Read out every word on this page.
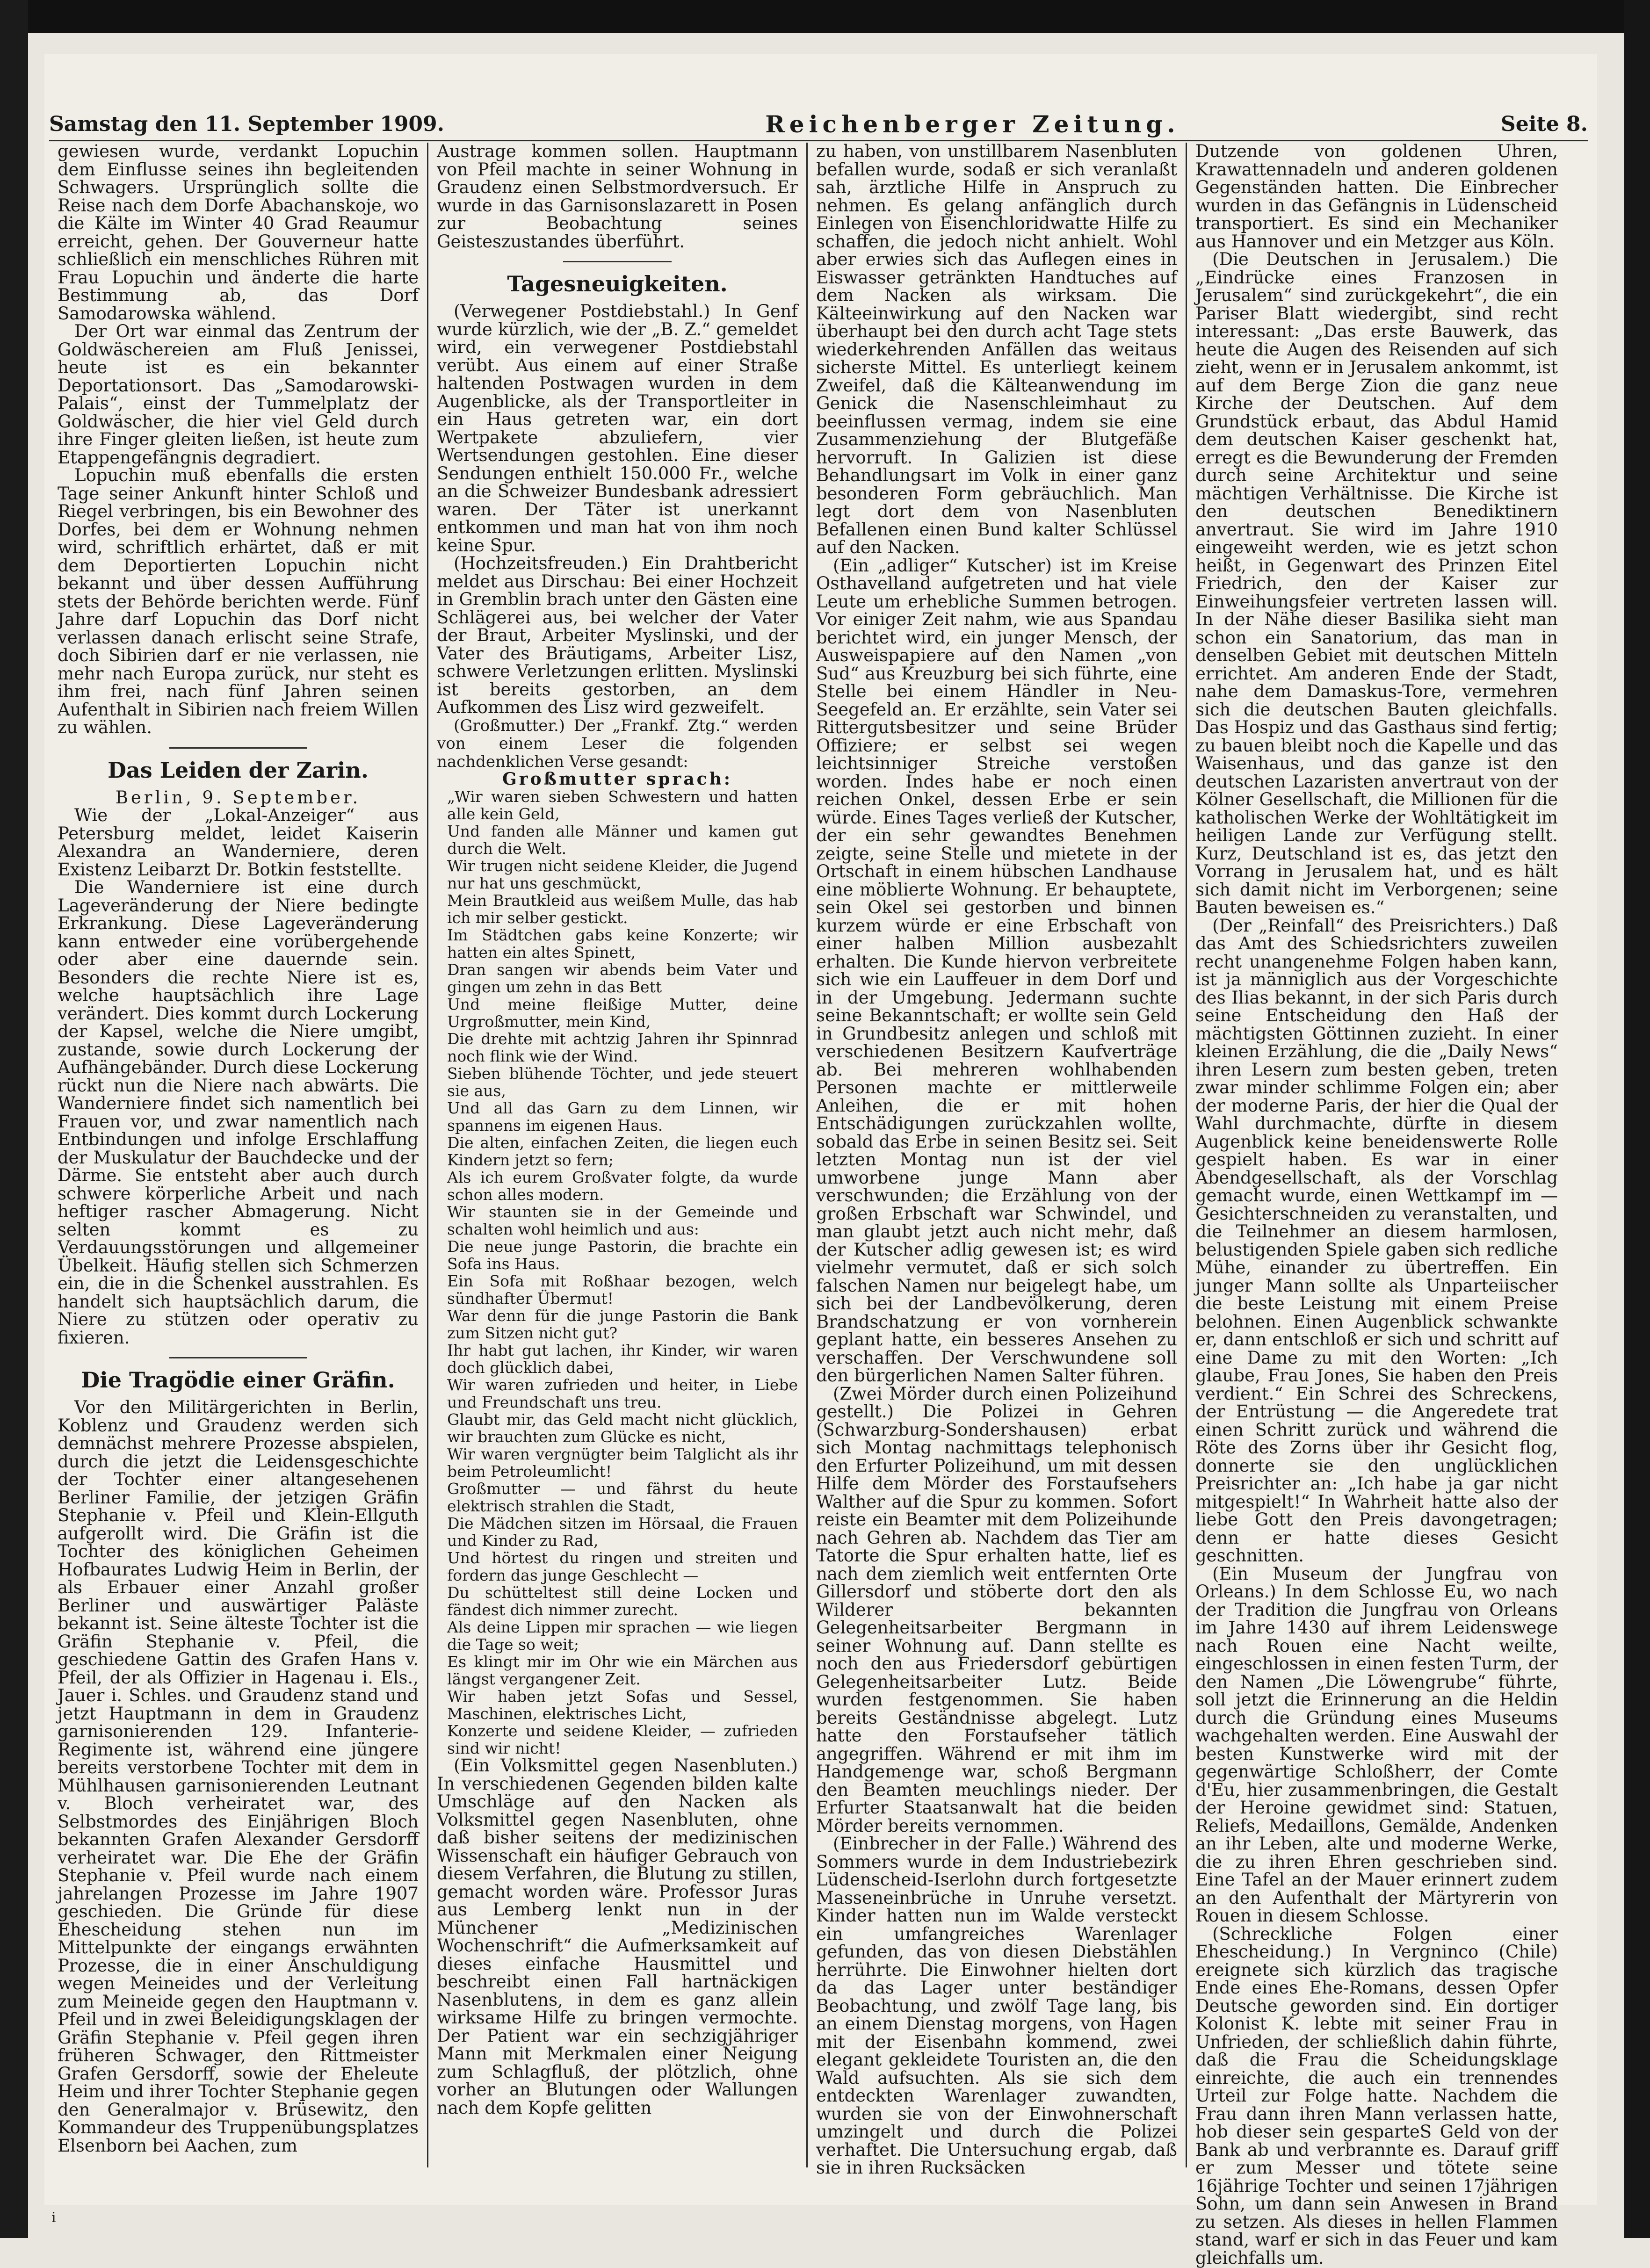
Samstag den 11. September 1909.	Reichenberger Zeitung.	Seite 8.

gewiesen wurde, verdankt Lopuchin dem Einflusse seines ihn begleitenden Schwagers. Ursprünglich sollte die Reise nach dem Dorfe Abachanskoje, wo die Kälte im Winter 40 Grad Reaumur erreicht, gehen. Der Gouverneur hatte schließlich ein menschliches Rühren mit Frau Lopuchin und änderte die harte Bestimmung ab, das Dorf Samodarowska wählend.

Der Ort war einmal das Zentrum der Goldwäschereien am Fluß Jenissei, heute ist es ein bekannter Deportationsort. Das „Samodarowski-Palais“, einst der Tummelplatz der Goldwäscher, die hier viel Geld durch ihre Finger gleiten ließen, ist heute zum Etappengefängnis degradiert.

Lopuchin muß ebenfalls die ersten Tage seiner Ankunft hinter Schloß und Riegel verbringen, bis ein Bewohner des Dorfes, bei dem er Wohnung nehmen wird, schriftlich erhärtet, daß er mit dem Deportierten Lopuchin nicht bekannt und über dessen Aufführung stets der Behörde berichten werde. Fünf Jahre darf Lopuchin das Dorf nicht verlassen danach erlischt seine Strafe, doch Sibirien darf er nie verlassen, nie mehr nach Europa zurück, nur steht es ihm frei, nach fünf Jahren seinen Aufenthalt in Sibirien nach freiem Willen zu wählen.

Das Leiden der Zarin.

Berlin, 9. September.

Wie der „Lokal-Anzeiger“ aus Petersburg meldet, leidet Kaiserin Alexandra an Wanderniere, deren Existenz Leibarzt Dr. Botkin feststellte.

Die Wanderniere ist eine durch Lageveränderung der Niere bedingte Erkrankung. Diese Lageveränderung kann entweder eine vorübergehende oder aber eine dauernde sein. Besonders die rechte Niere ist es, welche hauptsächlich ihre Lage verändert. Dies kommt durch Lockerung der Kapsel, welche die Niere umgibt, zustande, sowie durch Lockerung der Aufhängebänder. Durch diese Lockerung rückt nun die Niere nach abwärts. Die Wanderniere findet sich namentlich bei Frauen vor, und zwar namentlich nach Entbindungen und infolge Erschlaffung der Muskulatur der Bauchdecke und der Därme. Sie entsteht aber auch durch schwere körperliche Arbeit und nach heftiger rascher Abmagerung. Nicht selten kommt es zu Verdauungsstörungen und allgemeiner Übelkeit. Häufig stellen sich Schmerzen ein, die in die Schenkel ausstrahlen. Es handelt sich hauptsächlich darum, die Niere zu stützen oder operativ zu fixieren.

Die Tragödie einer Gräfin.

Vor den Militärgerichten in Berlin, Koblenz und Graudenz werden sich demnächst mehrere Prozesse abspielen, durch die jetzt die Leidensgeschichte der Tochter einer altangesehenen Berliner Familie, der jetzigen Gräfin Stephanie v. Pfeil und Klein-Ellguth aufgerollt wird. Die Gräfin ist die Tochter des königlichen Geheimen Hofbaurates Ludwig Heim in Berlin, der als Erbauer einer Anzahl großer Berliner und auswärtiger Paläste bekannt ist. Seine älteste Tochter ist die Gräfin Stephanie v. Pfeil, die geschiedene Gattin des Grafen Hans v. Pfeil, der als Offizier in Hagenau i. Els., Jauer i. Schles. und Graudenz stand und jetzt Hauptmann in dem in Graudenz garnisonierenden 129. Infanterie-Regimente ist, während eine jüngere bereits verstorbene Tochter mit dem in Mühlhausen garnisonierenden Leutnant v. Bloch verheiratet war, des Selbstmordes des Einjährigen Bloch bekannten Grafen Alexander Gersdorff verheiratet war. Die Ehe der Gräfin Stephanie v. Pfeil wurde nach einem jahrelangen Prozesse im Jahre 1907 geschieden. Die Gründe für diese Ehescheidung stehen nun im Mittelpunkte der eingangs erwähnten Prozesse, die in einer Anschuldigung wegen Meineides und der Verleitung zum Meineide gegen den Hauptmann v. Pfeil und in zwei Beleidigungsklagen der Gräfin Stephanie v. Pfeil gegen ihren früheren Schwager, den Rittmeister Grafen Gersdorff, sowie der Eheleute Heim und ihrer Tochter Stephanie gegen den Generalmajor v. Brüsewitz, den Kommandeur des Truppenübungsplatzes Elsenborn bei Aachen, zum

Austrage kommen sollen. Hauptmann von Pfeil machte in seiner Wohnung in Graudenz einen Selbstmordversuch. Er wurde in das Garnisonslazarett in Posen zur Beobachtung seines Geisteszustandes überführt.

Tagesneuigkeiten.

(Verwegener Postdiebstahl.) In Genf wurde kürzlich, wie der „B. Z.“ gemeldet wird, ein verwegener Postdiebstahl verübt. Aus einem auf einer Straße haltenden Postwagen wurden in dem Augenblicke, als der Transportleiter in ein Haus getreten war, ein dort Wertpakete abzuliefern, vier Wertsendungen gestohlen. Eine dieser Sendungen enthielt 150.000 Fr., welche an die Schweizer Bundesbank adressiert waren. Der Täter ist unerkannt entkommen und man hat von ihm noch keine Spur.

(Hochzeitsfreuden.) Ein Drahtbericht meldet aus Dirschau: Bei einer Hochzeit in Gremblin brach unter den Gästen eine Schlägerei aus, bei welcher der Vater der Braut, Arbeiter Myslinski, und der Vater des Bräutigams, Arbeiter Lisz, schwere Verletzungen erlitten. Myslinski ist bereits gestorben, an dem Aufkommen des Lisz wird gezweifelt.

(Großmutter.) Der „Frankf. Ztg.“ werden von einem Leser die folgenden nachdenklichen Verse gesandt:

Großmutter sprach:

„Wir waren sieben Schwestern und hatten alle kein Geld,

Und fanden alle Männer und kamen gut durch die Welt.

Wir trugen nicht seidene Kleider, die Jugend nur hat uns geschmückt,

Mein Brautkleid aus weißem Mulle, das hab ich mir selber gestickt.

Im Städtchen gabs keine Konzerte; wir hatten ein altes Spinett,

Dran sangen wir abends beim Vater und gingen um zehn in das Bett

Und meine fleißige Mutter, deine Urgroßmutter, mein Kind,

Die drehte mit achtzig Jahren ihr Spinnrad noch flink wie der Wind.

Sieben blühende Töchter, und jede steuert sie aus,

Und all das Garn zu dem Linnen, wir spannens im eigenen Haus.

Die alten, einfachen Zeiten, die liegen euch Kindern jetzt so fern;

Als ich eurem Großvater folgte, da wurde schon alles modern.

Wir staunten sie in der Gemeinde und schalten wohl heimlich und aus:

Die neue junge Pastorin, die brachte ein Sofa ins Haus.

Ein Sofa mit Roßhaar bezogen, welch sündhafter Übermut!

War denn für die junge Pastorin die Bank zum Sitzen nicht gut?

Ihr habt gut lachen, ihr Kinder, wir waren doch glücklich dabei,

Wir waren zufrieden und heiter, in Liebe und Freundschaft uns treu.

Glaubt mir, das Geld macht nicht glücklich, wir brauchten zum Glücke es nicht,

Wir waren vergnügter beim Talglicht als ihr beim Petroleumlicht!

Großmutter — und fährst du heute elektrisch strahlen die Stadt,

Die Mädchen sitzen im Hörsaal, die Frauen und Kinder zu Rad,

Und hörtest du ringen und streiten und fordern das junge Geschlecht —

Du schütteltest still deine Locken und fändest dich nimmer zurecht.

Als deine Lippen mir sprachen — wie liegen die Tage so weit;

Es klingt mir im Ohr wie ein Märchen aus längst vergangener Zeit.

Wir haben jetzt Sofas und Sessel, Maschinen, elektrisches Licht,

Konzerte und seidene Kleider, — zufrieden sind wir nicht!

(Ein Volksmittel gegen Nasenbluten.) In verschiedenen Gegenden bilden kalte Umschläge auf den Nacken als Volksmittel gegen Nasenbluten, ohne daß bisher seitens der medizinischen Wissenschaft ein häufiger Gebrauch von diesem Verfahren, die Blutung zu stillen, gemacht worden wäre. Professor Juras aus Lemberg lenkt nun in der Münchener „Medizinischen Wochenschrift“ die Aufmerksamkeit auf dieses einfache Hausmittel und beschreibt einen Fall hartnäckigen Nasenblutens, in dem es ganz allein wirksame Hilfe zu bringen vermochte. Der Patient war ein sechzigjähriger Mann mit Merkmalen einer Neigung zum Schlagfluß, der plötzlich, ohne vorher an Blutungen oder Wallungen nach dem Kopfe gelitten

zu haben, von unstillbarem Nasenbluten befallen wurde, sodaß er sich veranlaßt sah, ärztliche Hilfe in Anspruch zu nehmen. Es gelang anfänglich durch Einlegen von Eisenchloridwatte Hilfe zu schaffen, die jedoch nicht anhielt. Wohl aber erwies sich das Auflegen eines in Eiswasser getränkten Handtuches auf dem Nacken als wirksam. Die Kälteeinwirkung auf den Nacken war überhaupt bei den durch acht Tage stets wiederkehrenden Anfällen das weitaus sicherste Mittel. Es unterliegt keinem Zweifel, daß die Kälteanwendung im Genick die Nasenschleimhaut zu beeinflussen vermag, indem sie eine Zusammenziehung der Blutgefäße hervorruft. In Galizien ist diese Behandlungsart im Volk in einer ganz besonderen Form gebräuchlich. Man legt dort dem von Nasenbluten Befallenen einen Bund kalter Schlüssel auf den Nacken.

(Ein „adliger“ Kutscher) ist im Kreise Osthavelland aufgetreten und hat viele Leute um erhebliche Summen betrogen. Vor einiger Zeit nahm, wie aus Spandau berichtet wird, ein junger Mensch, der Ausweispapiere auf den Namen „von Sud“ aus Kreuzburg bei sich führte, eine Stelle bei einem Händler in Neu-Seegefeld an. Er erzählte, sein Vater sei Rittergutsbesitzer und seine Brüder Offiziere; er selbst sei wegen leichtsinniger Streiche verstoßen worden. Indes habe er noch einen reichen Onkel, dessen Erbe er sein würde. Eines Tages verließ der Kutscher, der ein sehr gewandtes Benehmen zeigte, seine Stelle und mietete in der Ortschaft in einem hübschen Landhause eine möblierte Wohnung. Er behauptete, sein Okel sei gestorben und binnen kurzem würde er eine Erbschaft von einer halben Million ausbezahlt erhalten. Die Kunde hiervon verbreitete sich wie ein Lauffeuer in dem Dorf und in der Umgebung. Jedermann suchte seine Bekanntschaft; er wollte sein Geld in Grundbesitz anlegen und schloß mit verschiedenen Besitzern Kaufverträge ab. Bei mehreren wohlhabenden Personen machte er mittlerweile Anleihen, die er mit hohen Entschädigungen zurückzahlen wollte, sobald das Erbe in seinen Besitz sei. Seit letzten Montag nun ist der viel umworbene junge Mann aber verschwunden; die Erzählung von der großen Erbschaft war Schwindel, und man glaubt jetzt auch nicht mehr, daß der Kutscher adlig gewesen ist; es wird vielmehr vermutet, daß er sich solch falschen Namen nur beigelegt habe, um sich bei der Landbevölkerung, deren Brandschatzung er von vornherein geplant hatte, ein besseres Ansehen zu verschaffen. Der Verschwundene soll den bürgerlichen Namen Salter führen.

(Zwei Mörder durch einen Polizeihund gestellt.) Die Polizei in Gehren (Schwarzburg-Sondershausen) erbat sich Montag nachmittags telephonisch den Erfurter Polizeihund, um mit dessen Hilfe dem Mörder des Forstaufsehers Walther auf die Spur zu kommen. Sofort reiste ein Beamter mit dem Polizeihunde nach Gehren ab. Nachdem das Tier am Tatorte die Spur erhalten hatte, lief es nach dem ziemlich weit entfernten Orte Gillersdorf und stöberte dort den als Wilderer bekannten Gelegenheitsarbeiter Bergmann in seiner Wohnung auf. Dann stellte es noch den aus Friedersdorf gebürtigen Gelegenheitsarbeiter Lutz. Beide wurden festgenommen. Sie haben bereits Geständnisse abgelegt. Lutz hatte den Forstaufseher tätlich angegriffen. Während er mit ihm im Handgemenge war, schoß Bergmann den Beamten meuchlings nieder. Der Erfurter Staatsanwalt hat die beiden Mörder bereits vernommen.

(Einbrecher in der Falle.) Während des Sommers wurde in dem Industriebezirk Lüdenscheid-Iserlohn durch fortgesetzte Masseneinbrüche in Unruhe versetzt. Kinder hatten nun im Walde versteckt ein umfangreiches Warenlager gefunden, das von diesen Diebstählen herrührte. Die Einwohner hielten dort da das Lager unter beständiger Beobachtung, und zwölf Tage lang, bis an einem Dienstag morgens, von Hagen mit der Eisenbahn kommend, zwei elegant gekleidete Touristen an, die den Wald aufsuchten. Als sie sich dem entdeckten Warenlager zuwandten, wurden sie von der Einwohnerschaft umzingelt und durch die Polizei verhaftet. Die Untersuchung ergab, daß sie in ihren Rucksäcken

Dutzende von goldenen Uhren, Krawattennadeln und anderen goldenen Gegenständen hatten. Die Einbrecher wurden in das Gefängnis in Lüdenscheid transportiert. Es sind ein Mechaniker aus Hannover und ein Metzger aus Köln.

(Die Deutschen in Jerusalem.) Die „Eindrücke eines Franzosen in Jerusalem“ sind zurückgekehrt“, die ein Pariser Blatt wiedergibt, sind recht interessant: „Das erste Bauwerk, das heute die Augen des Reisenden auf sich zieht, wenn er in Jerusalem ankommt, ist auf dem Berge Zion die ganz neue Kirche der Deutschen. Auf dem Grundstück erbaut, das Abdul Hamid dem deutschen Kaiser geschenkt hat, erregt es die Bewunderung der Fremden durch seine Architektur und seine mächtigen Verhältnisse. Die Kirche ist den deutschen Benediktinern anvertraut. Sie wird im Jahre 1910 eingeweiht werden, wie es jetzt schon heißt, in Gegenwart des Prinzen Eitel Friedrich, den der Kaiser zur Einweihungsfeier vertreten lassen will. In der Nähe dieser Basilika sieht man schon ein Sanatorium, das man in denselben Gebiet mit deutschen Mitteln errichtet. Am anderen Ende der Stadt, nahe dem Damaskus-Tore, vermehren sich die deutschen Bauten gleichfalls. Das Hospiz und das Gasthaus sind fertig; zu bauen bleibt noch die Kapelle und das Waisenhaus, und das ganze ist den deutschen Lazaristen anvertraut von der Kölner Gesellschaft, die Millionen für die katholischen Werke der Wohltätigkeit im heiligen Lande zur Verfügung stellt. Kurz, Deutschland ist es, das jetzt den Vorrang in Jerusalem hat, und es hält sich damit nicht im Verborgenen; seine Bauten beweisen es.“

(Der „Reinfall“ des Preisrichters.) Daß das Amt des Schiedsrichters zuweilen recht unangenehme Folgen haben kann, ist ja männiglich aus der Vorgeschichte des Ilias bekannt, in der sich Paris durch seine Entscheidung den Haß der mächtigsten Göttinnen zuzieht. In einer kleinen Erzählung, die die „Daily News“ ihren Lesern zum besten geben, treten zwar minder schlimme Folgen ein; aber der moderne Paris, der hier die Qual der Wahl durchmachte, dürfte in diesem Augenblick keine beneidenswerte Rolle gespielt haben. Es war in einer Abendgesellschaft, als der Vorschlag gemacht wurde, einen Wettkampf im — Gesichterschneiden zu veranstalten, und die Teilnehmer an diesem harmlosen, belustigenden Spiele gaben sich redliche Mühe, einander zu übertreffen. Ein junger Mann sollte als Unparteiischer die beste Leistung mit einem Preise belohnen. Einen Augenblick schwankte er, dann entschloß er sich und schritt auf eine Dame zu mit den Worten: „Ich glaube, Frau Jones, Sie haben den Preis verdient.“ Ein Schrei des Schreckens, der Entrüstung — die Angeredete trat einen Schritt zurück und während die Röte des Zorns über ihr Gesicht flog, donnerte sie den unglücklichen Preisrichter an: „Ich habe ja gar nicht mitgespielt!“ In Wahrheit hatte also der liebe Gott den Preis davongetragen; denn er hatte dieses Gesicht geschnitten.

(Ein Museum der Jungfrau von Orleans.) In dem Schlosse Eu, wo nach der Tradition die Jungfrau von Orleans im Jahre 1430 auf ihrem Leidenswege nach Rouen eine Nacht weilte, eingeschlossen in einen festen Turm, der den Namen „Die Löwengrube“ führte, soll jetzt die Erinnerung an die Heldin durch die Gründung eines Museums wachgehalten werden. Eine Auswahl der besten Kunstwerke wird mit der gegenwärtige Schloßherr, der Comte d'Eu, hier zusammenbringen, die Gestalt der Heroine gewidmet sind: Statuen, Reliefs, Medaillons, Gemälde, Andenken an ihr Leben, alte und moderne Werke, die zu ihren Ehren geschrieben sind. Eine Tafel an der Mauer erinnert zudem an den Aufenthalt der Märtyrerin von Rouen in diesem Schlosse.

(Schreckliche Folgen einer Ehescheidung.) In Vergninco (Chile) ereignete sich kürzlich das tragische Ende eines Ehe-Romans, dessen Opfer Deutsche geworden sind. Ein dortiger Kolonist K. lebte mit seiner Frau in Unfrieden, der schließlich dahin führte, daß die Frau die Scheidungsklage einreichte, die auch ein trennendes Urteil zur Folge hatte. Nachdem die Frau dann ihren Mann verlassen hatte, hob dieser sein gesparteS Geld von der Bank ab und verbrannte es. Darauf griff er zum Messer und tötete seine 16jährige Tochter und seinen 17jährigen Sohn, um dann sein Anwesen in Brand zu setzen. Als dieses in hellen Flammen stand, warf er sich in das Feuer und kam gleichfalls um.

i
